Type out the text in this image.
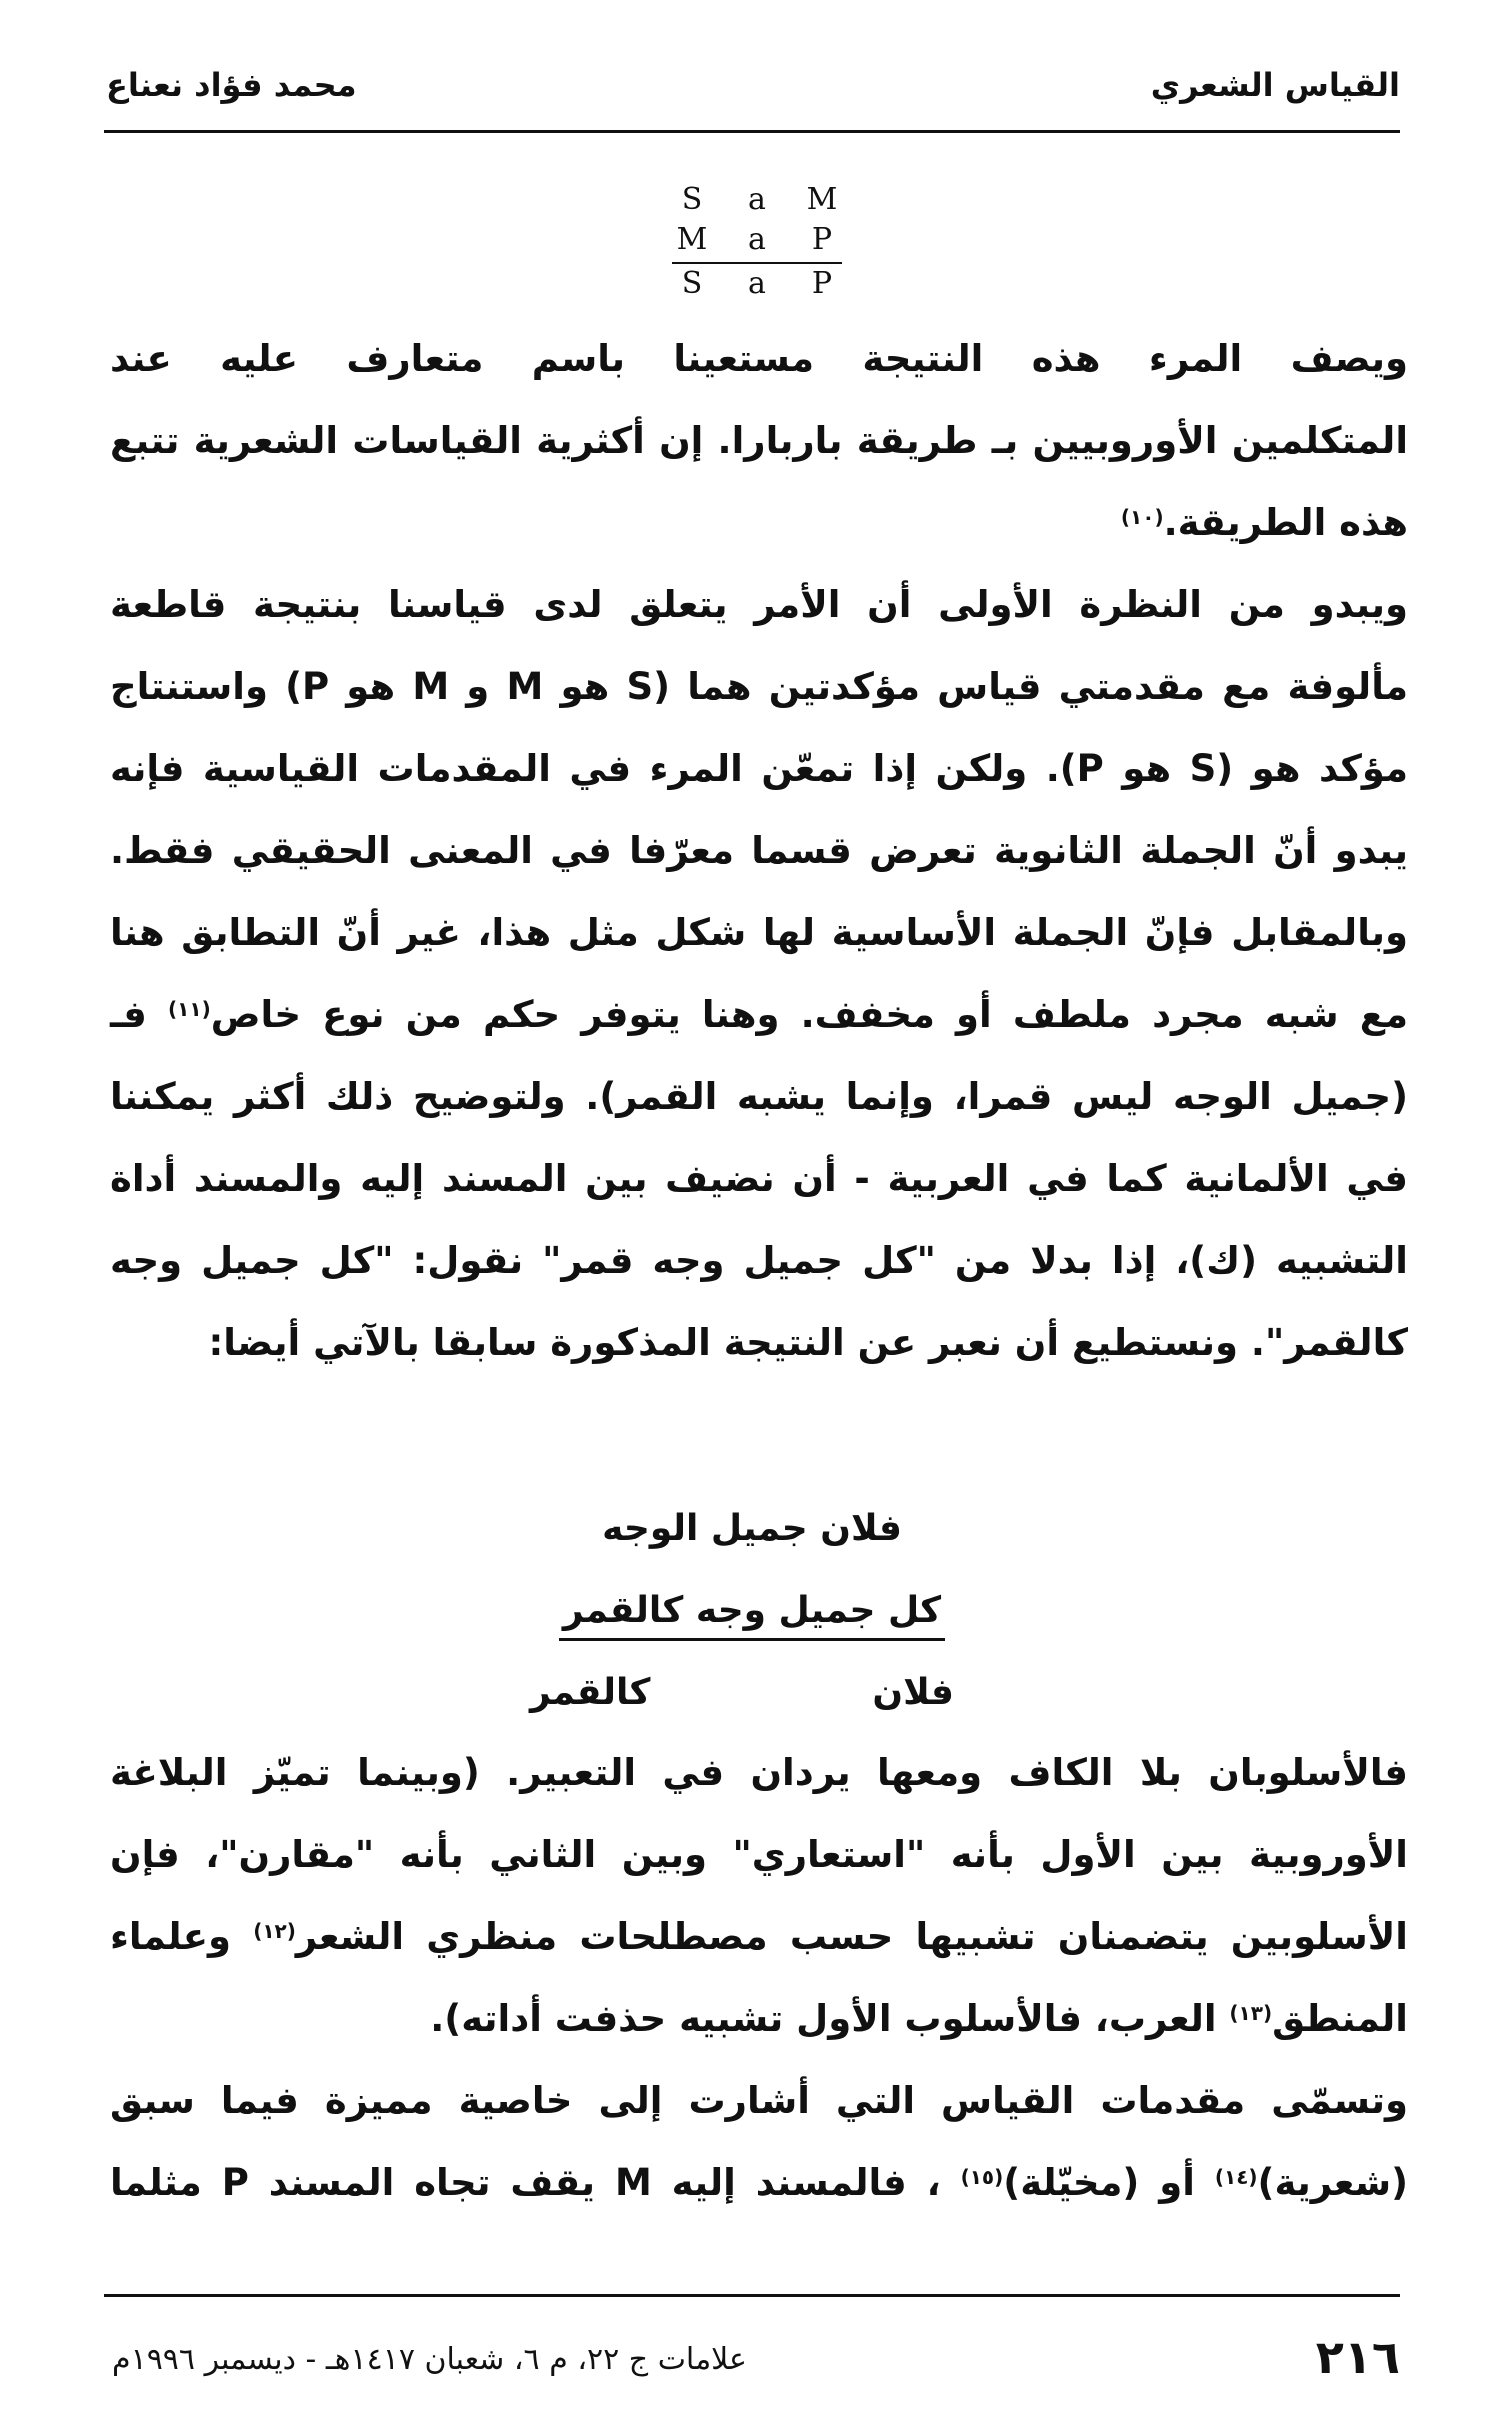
القياس الشعري
محمد فؤاد نعناع
S	a	M
M	a	P
S	a	P
ويصف المرء هذه النتيجة مستعينا باسم متعارف عليه عند
المتكلمين الأوروبيين بـ طريقة باربارا. إن أكثرية القياسات الشعرية تتبع
هذه الطريقة.$^{(١٠)}$
ويبدو من النظرة الأولى أن الأمر يتعلق لدى قياسنا بنتيجة قاطعة
مألوفة مع مقدمتي قياس مؤكدتين هما (S هو M و M هو P) واستنتاج
مؤكد هو (S هو P). ولكن إذا تمعّن المرء في المقدمات القياسية فإنه
يبدو أنّ الجملة الثانوية تعرض قسما معرّفا في المعنى الحقيقي فقط.
وبالمقابل فإنّ الجملة الأساسية لها شكل مثل هذا، غير أنّ التطابق هنا
مع شبه مجرد ملطف أو مخفف. وهنا يتوفر حكم من نوع خاص$^{(١١)}$ فـ
(جميل الوجه ليس قمرا، وإنما يشبه القمر). ولتوضيح ذلك أكثر يمكننا
في الألمانية كما في العربية - أن نضيف بين المسند إليه والمسند أداة
التشبيه (ك)، إذا بدلا من "كل جميل وجه قمر" نقول: "كل جميل وجه
كالقمر". ونستطيع أن نعبر عن النتيجة المذكورة سابقا بالآتي أيضا:
فلان جميل الوجه
كل جميل وجه كالقمر
فلان
كالقمر
فالأسلوبان بلا الكاف ومعها يردان في التعبير. (وبينما تميّز البلاغة
الأوروبية بين الأول بأنه "استعاري" وبين الثاني بأنه "مقارن"، فإن
الأسلوبين يتضمنان تشبيها حسب مصطلحات منظري الشعر$^{(١٢)}$ وعلماء
المنطق$^{(١٣)}$ العرب، فالأسلوب الأول تشبيه حذفت أداته).
وتسمّى مقدمات القياس التي أشارت إلى خاصية مميزة فيما سبق
(شعرية)$^{(١٤)}$ أو (مخيّلة)$^{(١٥)}$ ، فالمسند إليه M يقف تجاه المسند P مثلما
٢١٦
علامات ج ٢٢، م ٦، شعبان ١٤١٧هـ - ديسمبر ١٩٩٦م
